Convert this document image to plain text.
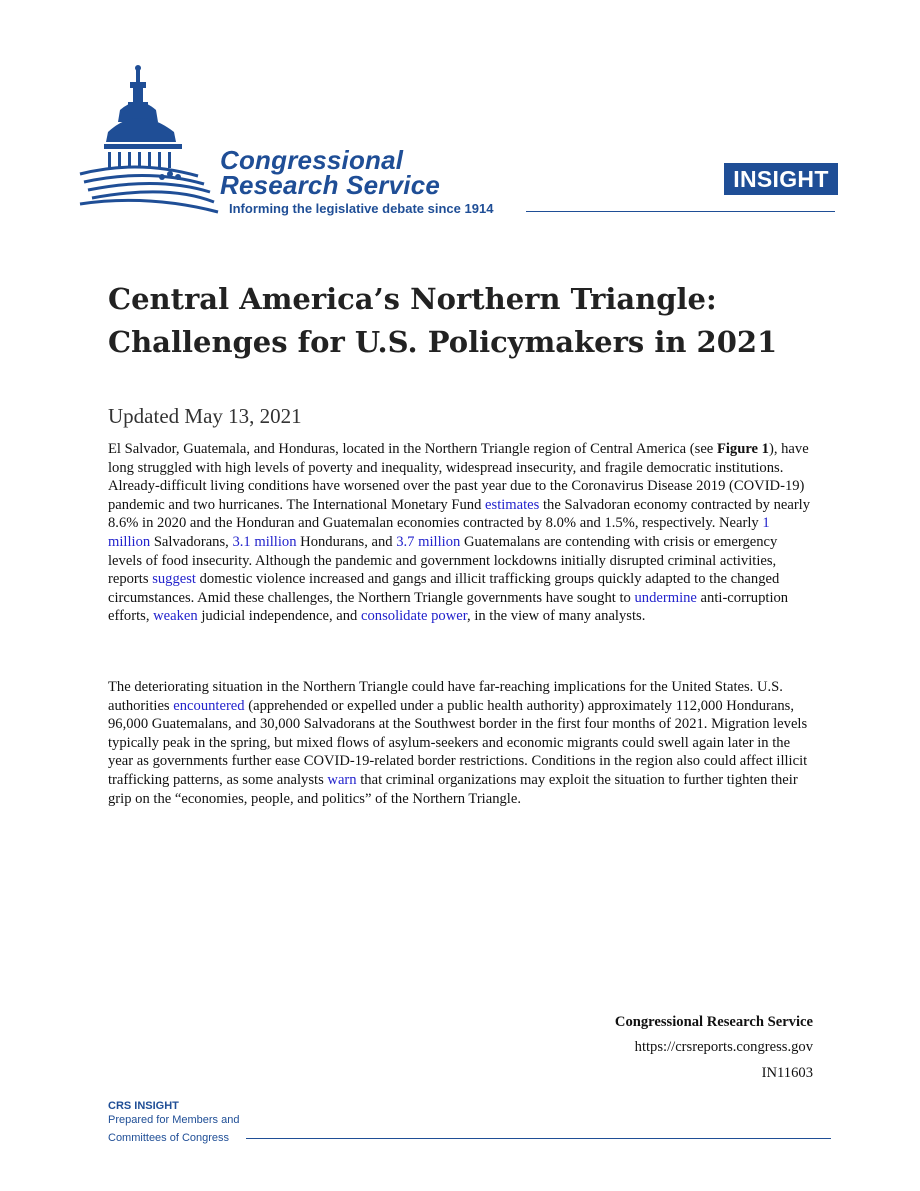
Congressional
Research Service
Informing the legislative debate since 1914
INSIGHT
Central America’s Northern Triangle:
Challenges for U.S. Policymakers in 2021
Updated May 13, 2021

El Salvador, Guatemala, and Honduras, located in the Northern Triangle region of Central America (see Figure 1), have long struggled with high levels of poverty and inequality, widespread insecurity, and fragile democratic institutions. Already-difficult living conditions have worsened over the past year due to the Coronavirus Disease 2019 (COVID-19) pandemic and two hurricanes. The International Monetary Fund estimates the Salvadoran economy contracted by nearly 8.6% in 2020 and the Honduran and Guatemalan economies contracted by 8.0% and 1.5%, respectively. Nearly 1 million Salvadorans, 3.1 million Hondurans, and 3.7 million Guatemalans are contending with crisis or emergency levels of food insecurity. Although the pandemic and government lockdowns initially disrupted criminal activities, reports suggest domestic violence increased and gangs and illicit trafficking groups quickly adapted to the changed circumstances. Amid these challenges, the Northern Triangle governments have sought to undermine anti-corruption efforts, weaken judicial independence, and consolidate power, in the view of many analysts.

The deteriorating situation in the Northern Triangle could have far-reaching implications for the United States. U.S. authorities encountered (apprehended or expelled under a public health authority) approximately 112,000 Hondurans, 96,000 Guatemalans, and 30,000 Salvadorans at the Southwest border in the first four months of 2021. Migration levels typically peak in the spring, but mixed flows of asylum-seekers and economic migrants could swell again later in the year as governments further ease COVID-19-related border restrictions. Conditions in the region also could affect illicit trafficking patterns, as some analysts warn that criminal organizations may exploit the situation to further tighten their grip on the “economies, people, and politics” of the Northern Triangle.

Congressional Research Service
https://crsreports.congress.gov
IN11603
CRS INSIGHT
Prepared for Members and
Committees of Congress
